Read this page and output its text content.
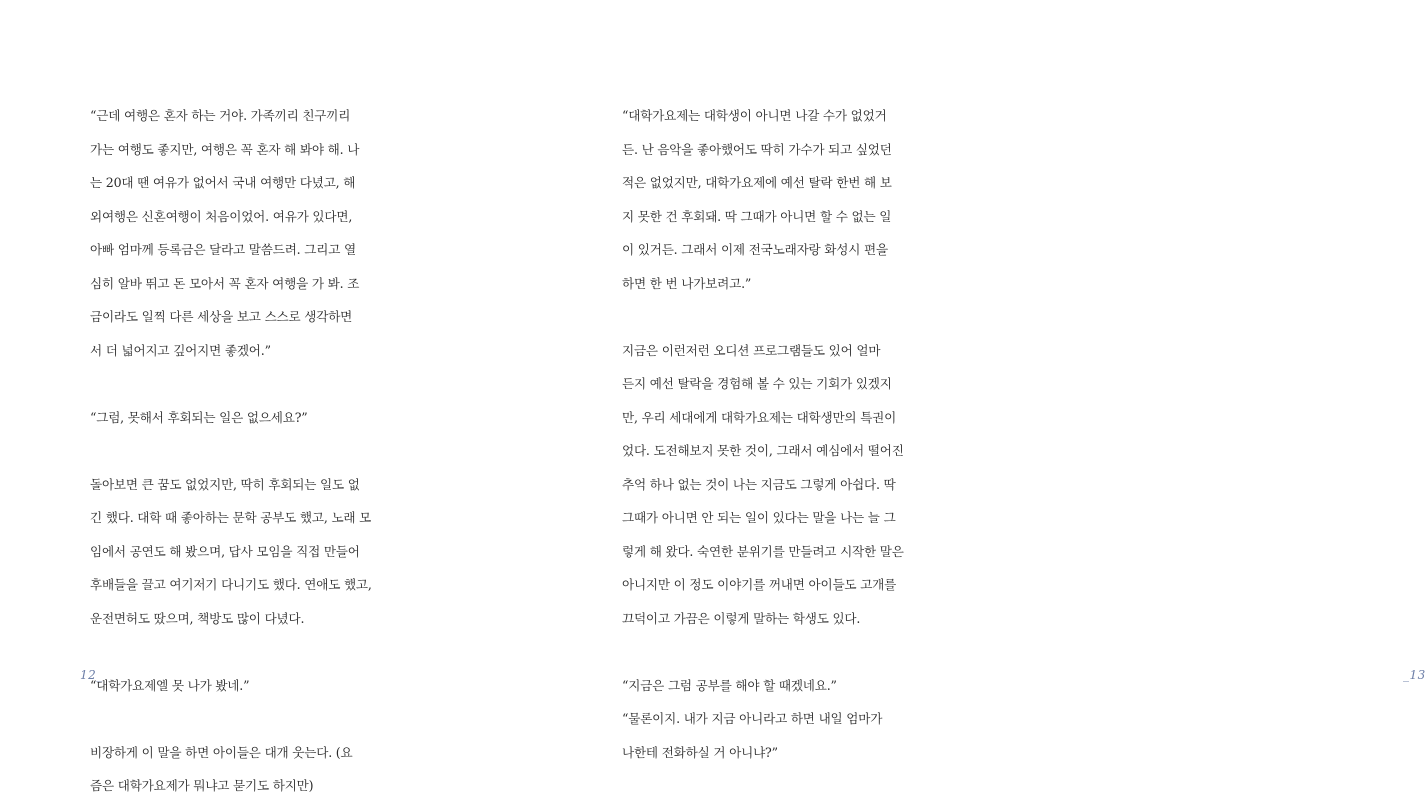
“근데 여행은 혼자 하는 거야. 가족끼리 친구끼리
가는 여행도 좋지만, 여행은 꼭 혼자 해 봐야 해. 나
는 20대 땐 여유가 없어서 국내 여행만 다녔고, 해
외여행은 신혼여행이 처음이었어. 여유가 있다면,
아빠 엄마께 등록금은 달라고 말씀드려. 그리고 열
심히 알바 뛰고 돈 모아서 꼭 혼자 여행을 가 봐. 조
금이라도 일찍 다른 세상을 보고 스스로 생각하면
서 더 넓어지고 깊어지면 좋겠어.”
“그럼, 못해서 후회되는 일은 없으세요?”
돌아보면 큰 꿈도 없었지만, 딱히 후회되는 일도 없
긴 했다. 대학 때 좋아하는 문학 공부도 했고, 노래 모
임에서 공연도 해 봤으며, 답사 모임을 직접 만들어
후배들을 끌고 여기저기 다니기도 했다. 연애도 했고,
운전면허도 땄으며, 책방도 많이 다녔다.
“대학가요제엘 못 나가 봤네.”
비장하게 이 말을 하면 아이들은 대개 웃는다. (요
즘은 대학가요제가 뭐냐고 묻기도 하지만)
12_
“대학가요제는 대학생이 아니면 나갈 수가 없었거
든. 난 음악을 좋아했어도 딱히 가수가 되고 싶었던
적은 없었지만, 대학가요제에 예선 탈락 한번 해 보
지 못한 건 후회돼. 딱 그때가 아니면 할 수 없는 일
이 있거든. 그래서 이제 전국노래자랑 화성시 편을
하면 한 번 나가보려고.”
지금은 이런저런 오디션 프로그램들도 있어 얼마
든지 예선 탈락을 경험해 볼 수 있는 기회가 있겠지
만, 우리 세대에게 대학가요제는 대학생만의 특권이
었다. 도전해보지 못한 것이, 그래서 예심에서 떨어진
추억 하나 없는 것이 나는 지금도 그렇게 아쉽다. 딱
그때가 아니면 안 되는 일이 있다는 말을 나는 늘 그
렇게 해 왔다. 숙연한 분위기를 만들려고 시작한 말은
아니지만 이 정도 이야기를 꺼내면 아이들도 고개를
끄덕이고 가끔은 이렇게 말하는 학생도 있다.
“지금은 그럼 공부를 해야 할 때겠네요.”
“물론이지. 내가 지금 아니라고 하면 내일 엄마가
나한테 전화하실 거 아니냐?”
_13
